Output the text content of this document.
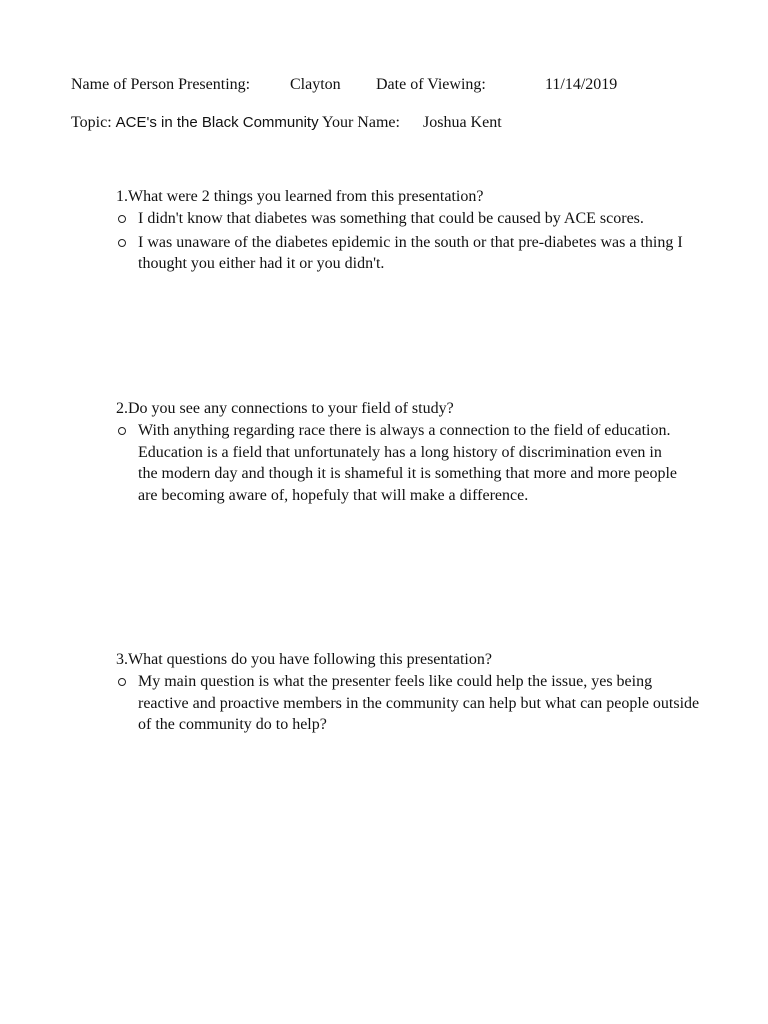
Name of Person Presenting: Clayton Date of Viewing:	11/14/2019
Topic: ACE's in the Black Community Your Name: Joshua Kent

1.What were 2 things you learned from this presentation?

I didn't know that diabetes was something that could be caused by ACE scores.
I was unaware of the diabetes epidemic in the south or that pre-diabetes was a thing I thought you either had it or you didn't.

2.Do you see any connections to your field of study?

With anything regarding race there is always a connection to the field of education. Education is a field that unfortunately has a long history of discrimination even in the modern day and though it is shameful it is something that more and more people are becoming aware of, hopefuly that will make a difference.

3.What questions do you have following this presentation?

My main question is what the presenter feels like could help the issue, yes being reactive and proactive members in the community can help but what can people outside of the community do to help?
